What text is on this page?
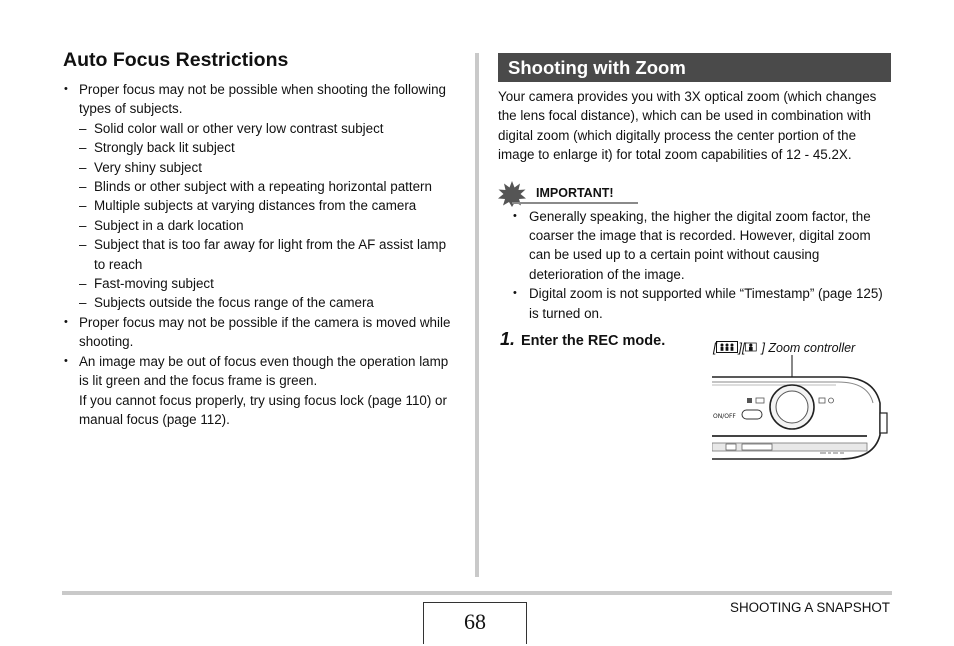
Auto Focus Restrictions
• Proper focus may not be possible when shooting the following types of subjects.
– Solid color wall or other very low contrast subject
– Strongly back lit subject
– Very shiny subject
– Blinds or other subject with a repeating horizontal pattern
– Multiple subjects at varying distances from the camera
– Subject in a dark location
– Subject that is too far away for light from the AF assist lamp to reach
– Fast-moving subject
– Subjects outside the focus range of the camera
• Proper focus may not be possible if the camera is moved while shooting.
• An image may be out of focus even though the operation lamp is lit green and the focus frame is green.
If you cannot focus properly, try using focus lock (page 110) or manual focus (page 112).
Shooting with Zoom

Your camera provides you with 3X optical zoom (which changes the lens focal distance), which can be used in combination with digital zoom (which digitally process the center portion of the image to enlarge it) for total zoom capabilities of 12 - 45.2X.

IMPORTANT!
• Generally speaking, the higher the digital zoom factor, the coarser the image that is recorded. However, digital zoom can be used up to a certain point without causing deterioration of the image.
• Digital zoom is not supported while “Timestamp” (page 125) is turned on.
1. Enter the REC mode.	[ ][ ] Zoom controller
ON/OFF
68
SHOOTING A SNAPSHOT
